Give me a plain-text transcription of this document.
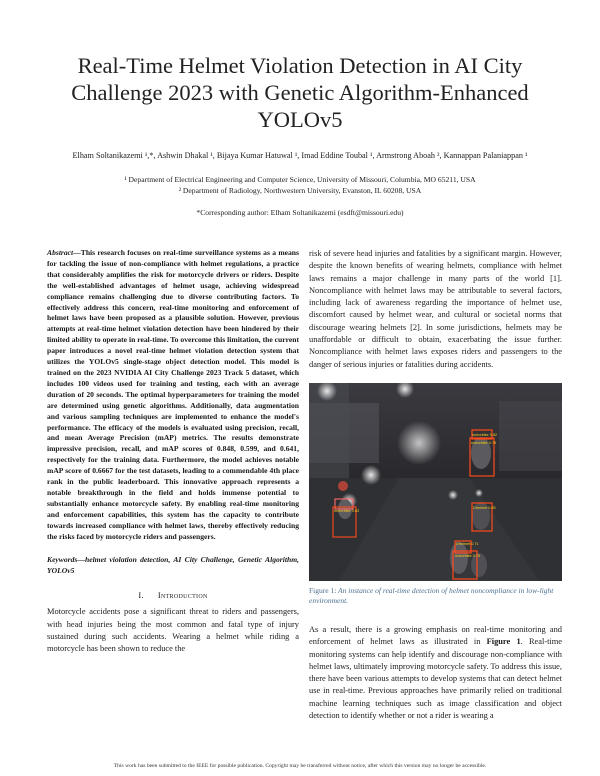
Real-Time Helmet Violation Detection in AI City Challenge 2023 with Genetic Algorithm-Enhanced YOLOv5
Elham Soltanikazemi ¹,*, Ashwin Dhakal ¹, Bijaya Kumar Hatuwal ¹, Imad Eddine Toubal ¹, Armstrong Aboah ², Kannappan Palaniappan ¹
¹ Department of Electrical Engineering and Computer Science, University of Missouri, Columbia, MO 65211, USA
² Department of Radiology, Northwestern University, Evanston, IL 60208, USA
*Corresponding author: Elham Soltanikazemi (esdft@missouri.edu)

Abstract—This research focuses on real-time surveillance systems as a means for tackling the issue of non-compliance with helmet regulations, a practice that considerably amplifies the risk for motorcycle drivers or riders. Despite the well-established advantages of helmet usage, achieving widespread compliance remains challenging due to diverse contributing factors. To effectively address this concern, real-time monitoring and enforcement of helmet laws have been proposed as a plausible solution. However, previous attempts at real-time helmet violation detection have been hindered by their limited ability to operate in real-time. To overcome this limitation, the current paper introduces a novel real-time helmet violation detection system that utilizes the YOLOv5 single-stage object detection model. This model is trained on the 2023 NVIDIA AI City Challenge 2023 Track 5 dataset, which includes 100 videos used for training and testing, each with an average duration of 20 seconds. The optimal hyperparameters for training the model are determined using genetic algorithms. Additionally, data augmentation and various sampling techniques are implemented to enhance the model's performance. The efficacy of the models is evaluated using precision, recall, and mean Average Precision (mAP) metrics. The results demonstrate impressive precision, recall, and mAP scores of 0.848, 0.599, and 0.641, respectively for the training data. Furthermore, the model achieves notable mAP score of 0.6667 for the test datasets, leading to a commendable 4th place rank in the public leaderboard. This innovative approach represents a notable breakthrough in the field and holds immense potential to substantially enhance motorcycle safety. By enabling real-time monitoring and enforcement capabilities, this system has the capacity to contribute towards increased compliance with helmet laws, thereby effectively reducing the risks faced by motorcycle riders and passengers.

Keywords—helmet violation detection, AI City Challenge, Genetic Algorithm, YOLOv5
I. Introduction

Motorcycle accidents pose a significant threat to riders and passengers, with head injuries being the most common and fatal type of injury sustained during such accidents. Wearing a helmet while riding a motorcycle has been shown to reduce the

risk of severe head injuries and fatalities by a significant margin. However, despite the known benefits of wearing helmets, compliance with helmet laws remains a major challenge in many parts of the world [1]. Noncompliance with helmet laws may be attributable to several factors, including lack of awareness regarding the importance of helmet use, discomfort caused by helmet wear, and cultural or societal norms that discourage wearing helmets [2]. In some jurisdictions, helmets may be unaffordable or difficult to obtain, exacerbating the issue further. Noncompliance with helmet laws exposes riders and passengers to the danger of serious injuries or fatalities during accidents.

motorbike 0.82
motorbike 0.78
Dhelmet 0.85
motorbike 0.83
motorbike 0.76
Dhelmet 0.71
Figure 1: An instance of real-time detection of helmet noncompliance in low-light environment.

As a result, there is a growing emphasis on real-time monitoring and enforcement of helmet laws as illustrated in Figure 1. Real-time monitoring systems can help identify and discourage non-compliance with helmet laws, ultimately improving motorcycle safety. To address this issue, there have been various attempts to develop systems that can detect helmet use in real-time. Previous approaches have primarily relied on traditional machine learning techniques such as image classification and object detection to identify whether or not a rider is wearing a

This work has been submitted to the IEEE for possible publication. Copyright may be transferred without notice, after which this version may no longer be accessible.
